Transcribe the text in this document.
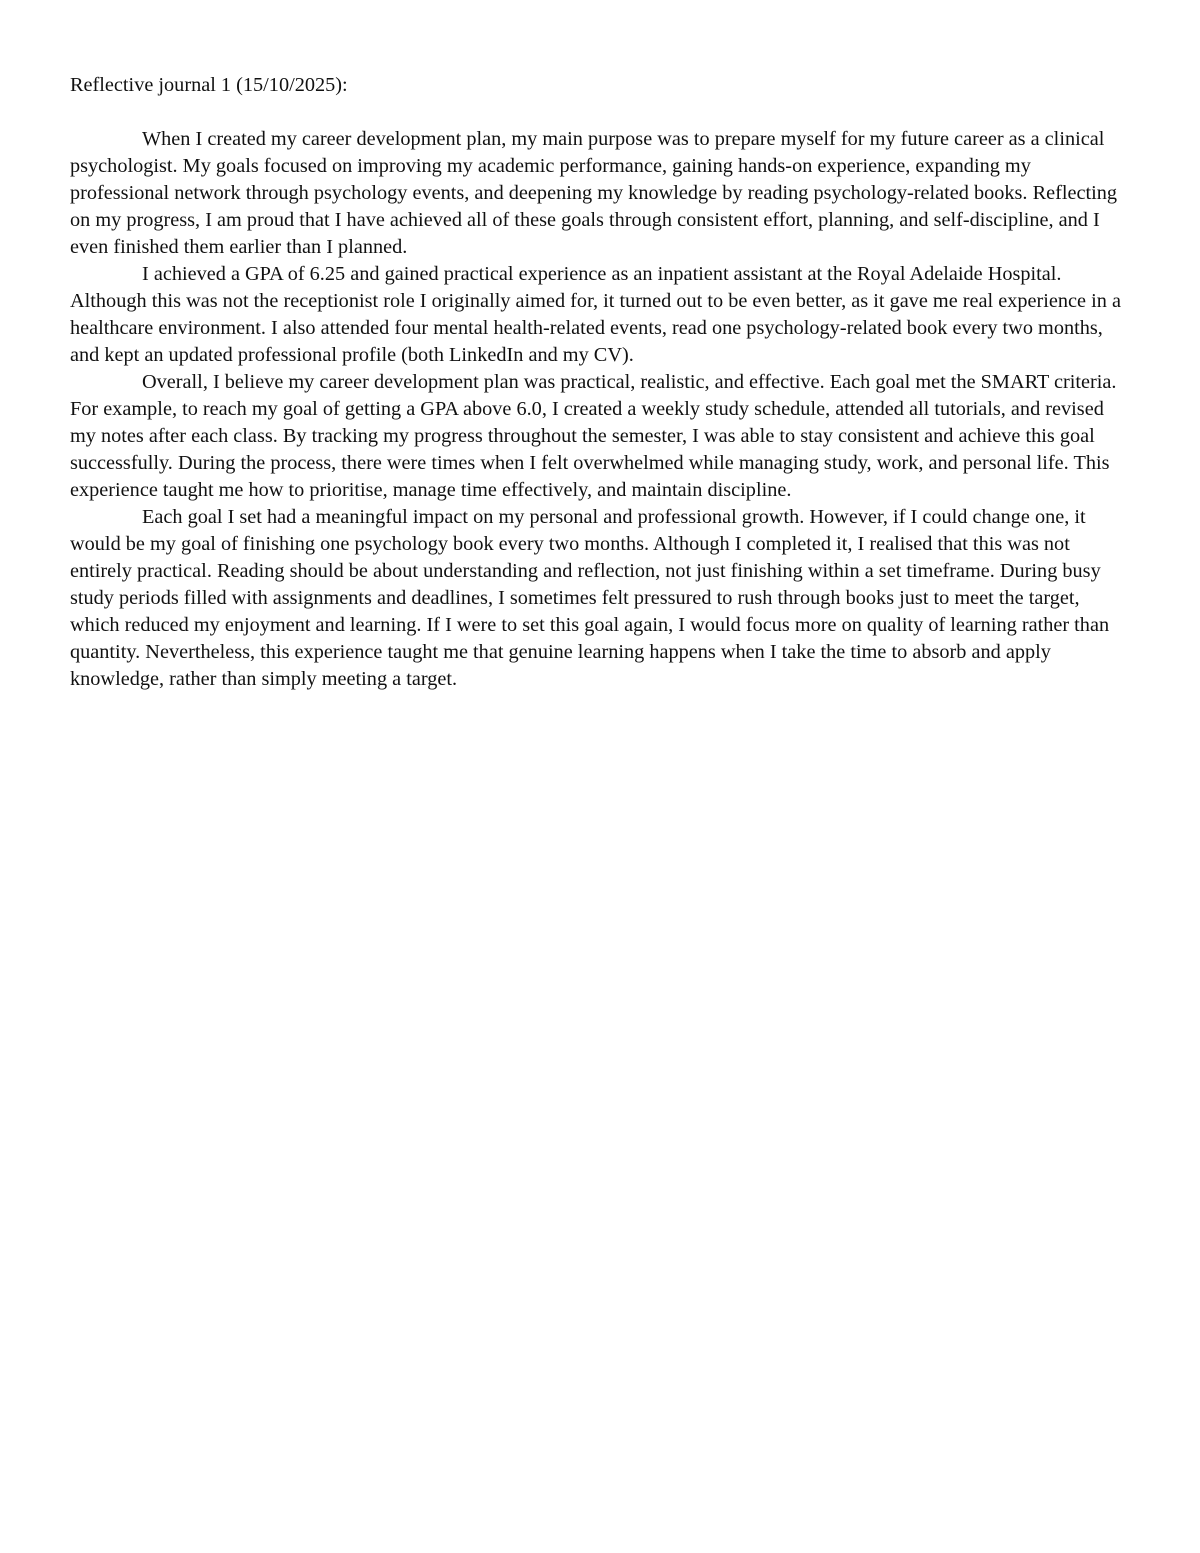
Reflective journal 1 (15/10/2025):

When I created my career development plan, my main purpose was to prepare myself for my future career as a clinical psychologist. My goals focused on improving my academic performance, gaining hands-on experience, expanding my professional network through psychology events, and deepening my knowledge by reading psychology-related books. Reflecting on my progress, I am proud that I have achieved all of these goals through consistent effort, planning, and self-discipline, and I even finished them earlier than I planned.

I achieved a GPA of 6.25 and gained practical experience as an inpatient assistant at the Royal Adelaide Hospital. Although this was not the receptionist role I originally aimed for, it turned out to be even better, as it gave me real experience in a healthcare environment. I also attended four mental health-related events, read one psychology-related book every two months, and kept an updated professional profile (both LinkedIn and my CV).

Overall, I believe my career development plan was practical, realistic, and effective. Each goal met the SMART criteria. For example, to reach my goal of getting a GPA above 6.0, I created a weekly study schedule, attended all tutorials, and revised my notes after each class. By tracking my progress throughout the semester, I was able to stay consistent and achieve this goal successfully. During the process, there were times when I felt overwhelmed while managing study, work, and personal life. This experience taught me how to prioritise, manage time effectively, and maintain discipline.

Each goal I set had a meaningful impact on my personal and professional growth. However, if I could change one, it would be my goal of finishing one psychology book every two months. Although I completed it, I realised that this was not entirely practical. Reading should be about understanding and reflection, not just finishing within a set timeframe. During busy study periods filled with assignments and deadlines, I sometimes felt pressured to rush through books just to meet the target, which reduced my enjoyment and learning. If I were to set this goal again, I would focus more on quality of learning rather than quantity. Nevertheless, this experience taught me that genuine learning happens when I take the time to absorb and apply knowledge, rather than simply meeting a target.
